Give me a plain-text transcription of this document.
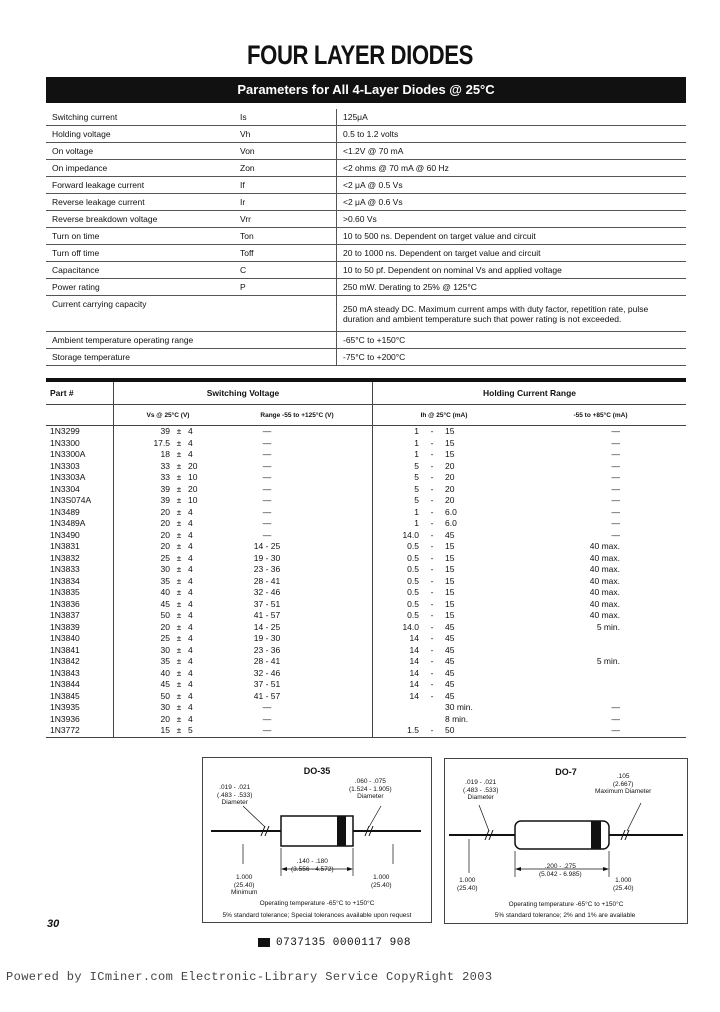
FOUR LAYER DIODES
Parameters for All 4-Layer Diodes @ 25°C
Switching current	Is	125μA
Holding voltage	Vh	0.5 to 1.2 volts
On voltage	Von	<1.2V @ 70 mA
On impedance	Zon	<2 ohms @ 70 mA @ 60 Hz
Forward leakage current	If	<2 μA @ 0.5 Vs
Reverse leakage current	Ir	<2 μA @ 0.6 Vs
Reverse breakdown voltage	Vrr	>0.60 Vs
Turn on time	Ton	10 to 500 ns. Dependent on target value and circuit
Turn off time	Toff	20 to 1000 ns. Dependent on target value and circuit
Capacitance	C	10 to 50 pf. Dependent on nominal Vs and applied voltage
Power rating	P	250 mW. Derating to 25% @ 125°C
Current carrying capacity		250 mA steady DC. Maximum current amps with duty factor, repetition rate, pulse duration and ambient temperature such that power rating is not exceeded.
Ambient temperature operating range		-65°C to +150°C
Storage temperature		-75°C to +200°C
Part #	Switching Voltage					Holding Current Range			
	Vs @ 25°C (V)			Range -55 to +125°C (V)		Ih @ 25°C (mA)			-55 to +85°C (mA)
1N3299	39	±	4	—		1	-	15	—
1N3300	17.5	±	4	—		1	-	15	—
1N3300A	18	±	4	—		1	-	15	—
1N3303	33	±	20	—		5	-	20	—
1N3303A	33	±	10	—		5	-	20	—
1N3304	39	±	20	—		5	-	20	—
1N3S074A	39	±	10	—		5	-	20	—
1N3489	20	±	4	—		1	-	6.0	—
1N3489A	20	±	4	—		1	-	6.0	—
1N3490	20	±	4	—		14.0	-	45	—
1N3831	20	±	4	14 - 25		0.5	-	15	40 max.
1N3832	25	±	4	19 - 30		0.5	-	15	40 max.
1N3833	30	±	4	23 - 36		0.5	-	15	40 max.
1N3834	35	±	4	28 - 41		0.5	-	15	40 max.
1N3835	40	±	4	32 - 46		0.5	-	15	40 max.
1N3836	45	±	4	37 - 51		0.5	-	15	40 max.
1N3837	50	±	4	41 - 57		0.5	-	15	40 max.
1N3839	20	±	4	14 - 25		14.0	-	45	5 min.
1N3840	25	±	4	19 - 30		14	-	45	
1N3841	30	±	4	23 - 36		14	-	45	
1N3842	35	±	4	28 - 41		14	-	45	5 min.
1N3843	40	±	4	32 - 46		14	-	45	
1N3844	45	±	4	37 - 51		14	-	45	
1N3845	50	±	4	41 - 57		14	-	45	
1N3935	30	±	4	—				30 min.	—
1N3936	20	±	4	—				8 min.	—
1N3772	15	±	5	—		1.5	-	50	—
DO-35
.019 - .021
(.483 - .533)
Diameter
.060 - .075
(1.524 - 1.905)
Diameter
.140 - .180
(3.556 - 4.572)
1.000
(25.40)
Minimum
1.000
(25.40)
Operating temperature -65°C to +150°C
5% standard tolerance; Special tolerances available upon request
DO-7
.019 - .021
(.483 - .533)
Diameter
.105
(2.667)
Maximum Diameter
.200 - .275
(5.042 - 6.985)
1.000
(25.40)
1.000
(25.40)
Operating temperature -65°C to +150°C
5% standard tolerance; 2% and 1% are available
30
0737135 0000117 908
Powered by ICminer.com Electronic-Library Service CopyRight 2003
